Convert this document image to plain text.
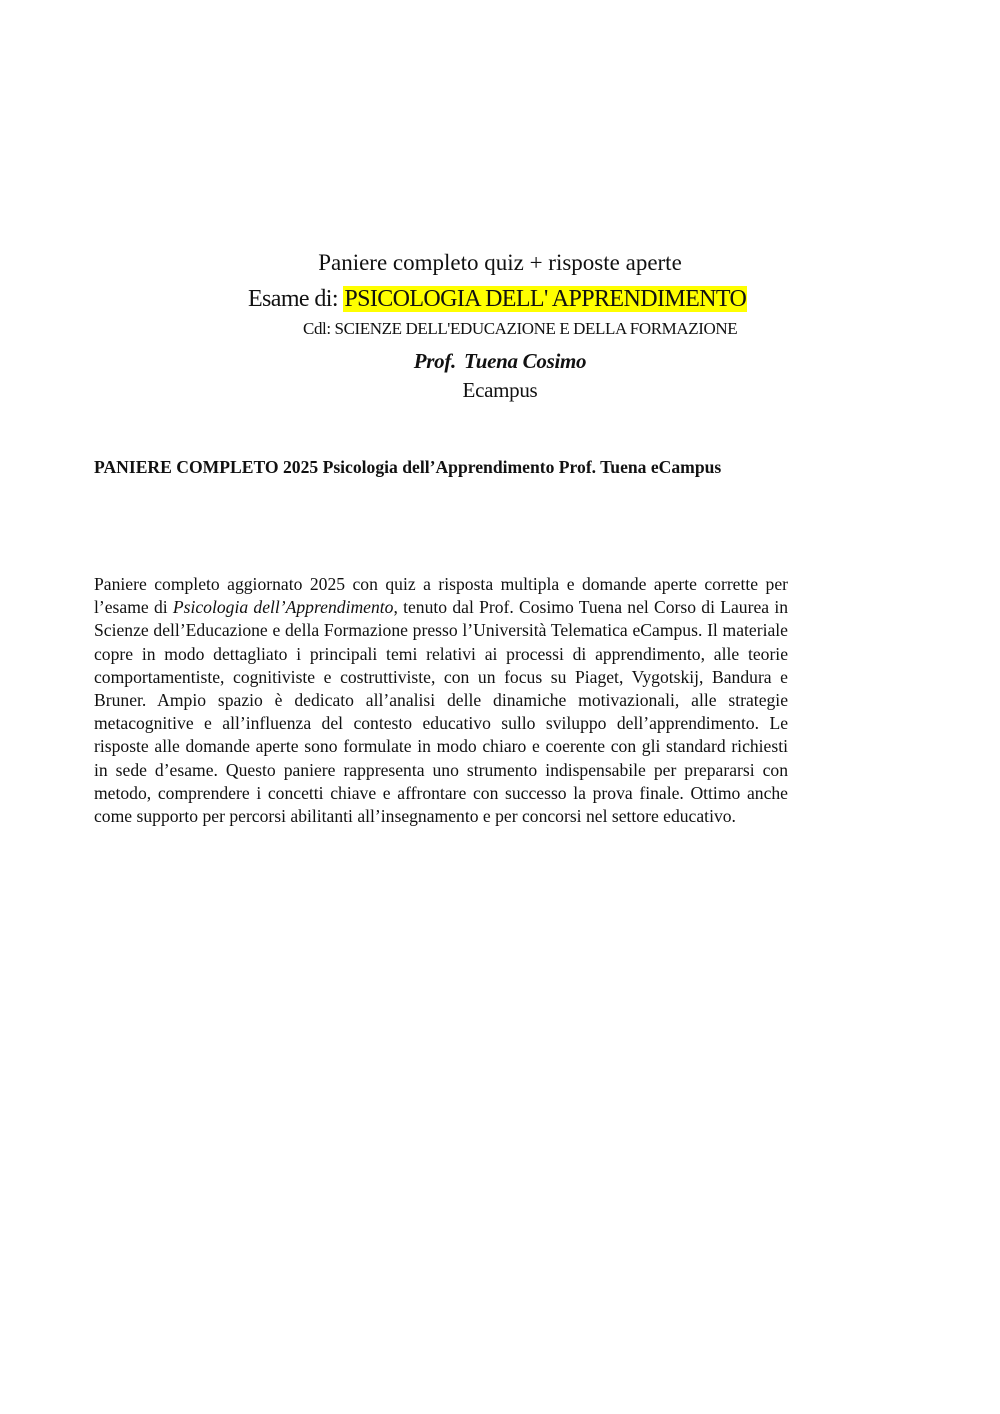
Paniere completo quiz + risposte aperte
Esame di: PSICOLOGIA DELL' APPRENDIMENTO
Cdl: SCIENZE DELL'EDUCAZIONE E DELLA FORMAZIONE
Prof. Tuena Cosimo
Ecampus
PANIERE COMPLETO 2025 Psicologia dell’Apprendimento Prof. Tuena eCampus
Paniere completo aggiornato 2025 con quiz a risposta multipla e domande aperte corrette per l’esame di Psicologia dell’Apprendimento, tenuto dal Prof. Cosimo Tuena nel Corso di Laurea in Scienze dell’Educazione e della Formazione presso l’Università Telematica eCampus. Il materiale copre in modo dettagliato i principali temi relativi ai processi di apprendimento, alle teorie comportamentiste, cognitiviste e costruttiviste, con un focus su Piaget, Vygotskij, Bandura e Bruner. Ampio spazio è dedicato all’analisi delle dinamiche motivazionali, alle strategie metacognitive e all’influenza del contesto educativo sullo sviluppo dell’apprendimento. Le risposte alle domande aperte sono formulate in modo chiaro e coerente con gli standard richiesti in sede d’esame. Questo paniere rappresenta uno strumento indispensabile per prepararsi con metodo, comprendere i concetti chiave e affrontare con successo la prova finale. Ottimo anche come supporto per percorsi abilitanti all’insegnamento e per concorsi nel settore educativo.
